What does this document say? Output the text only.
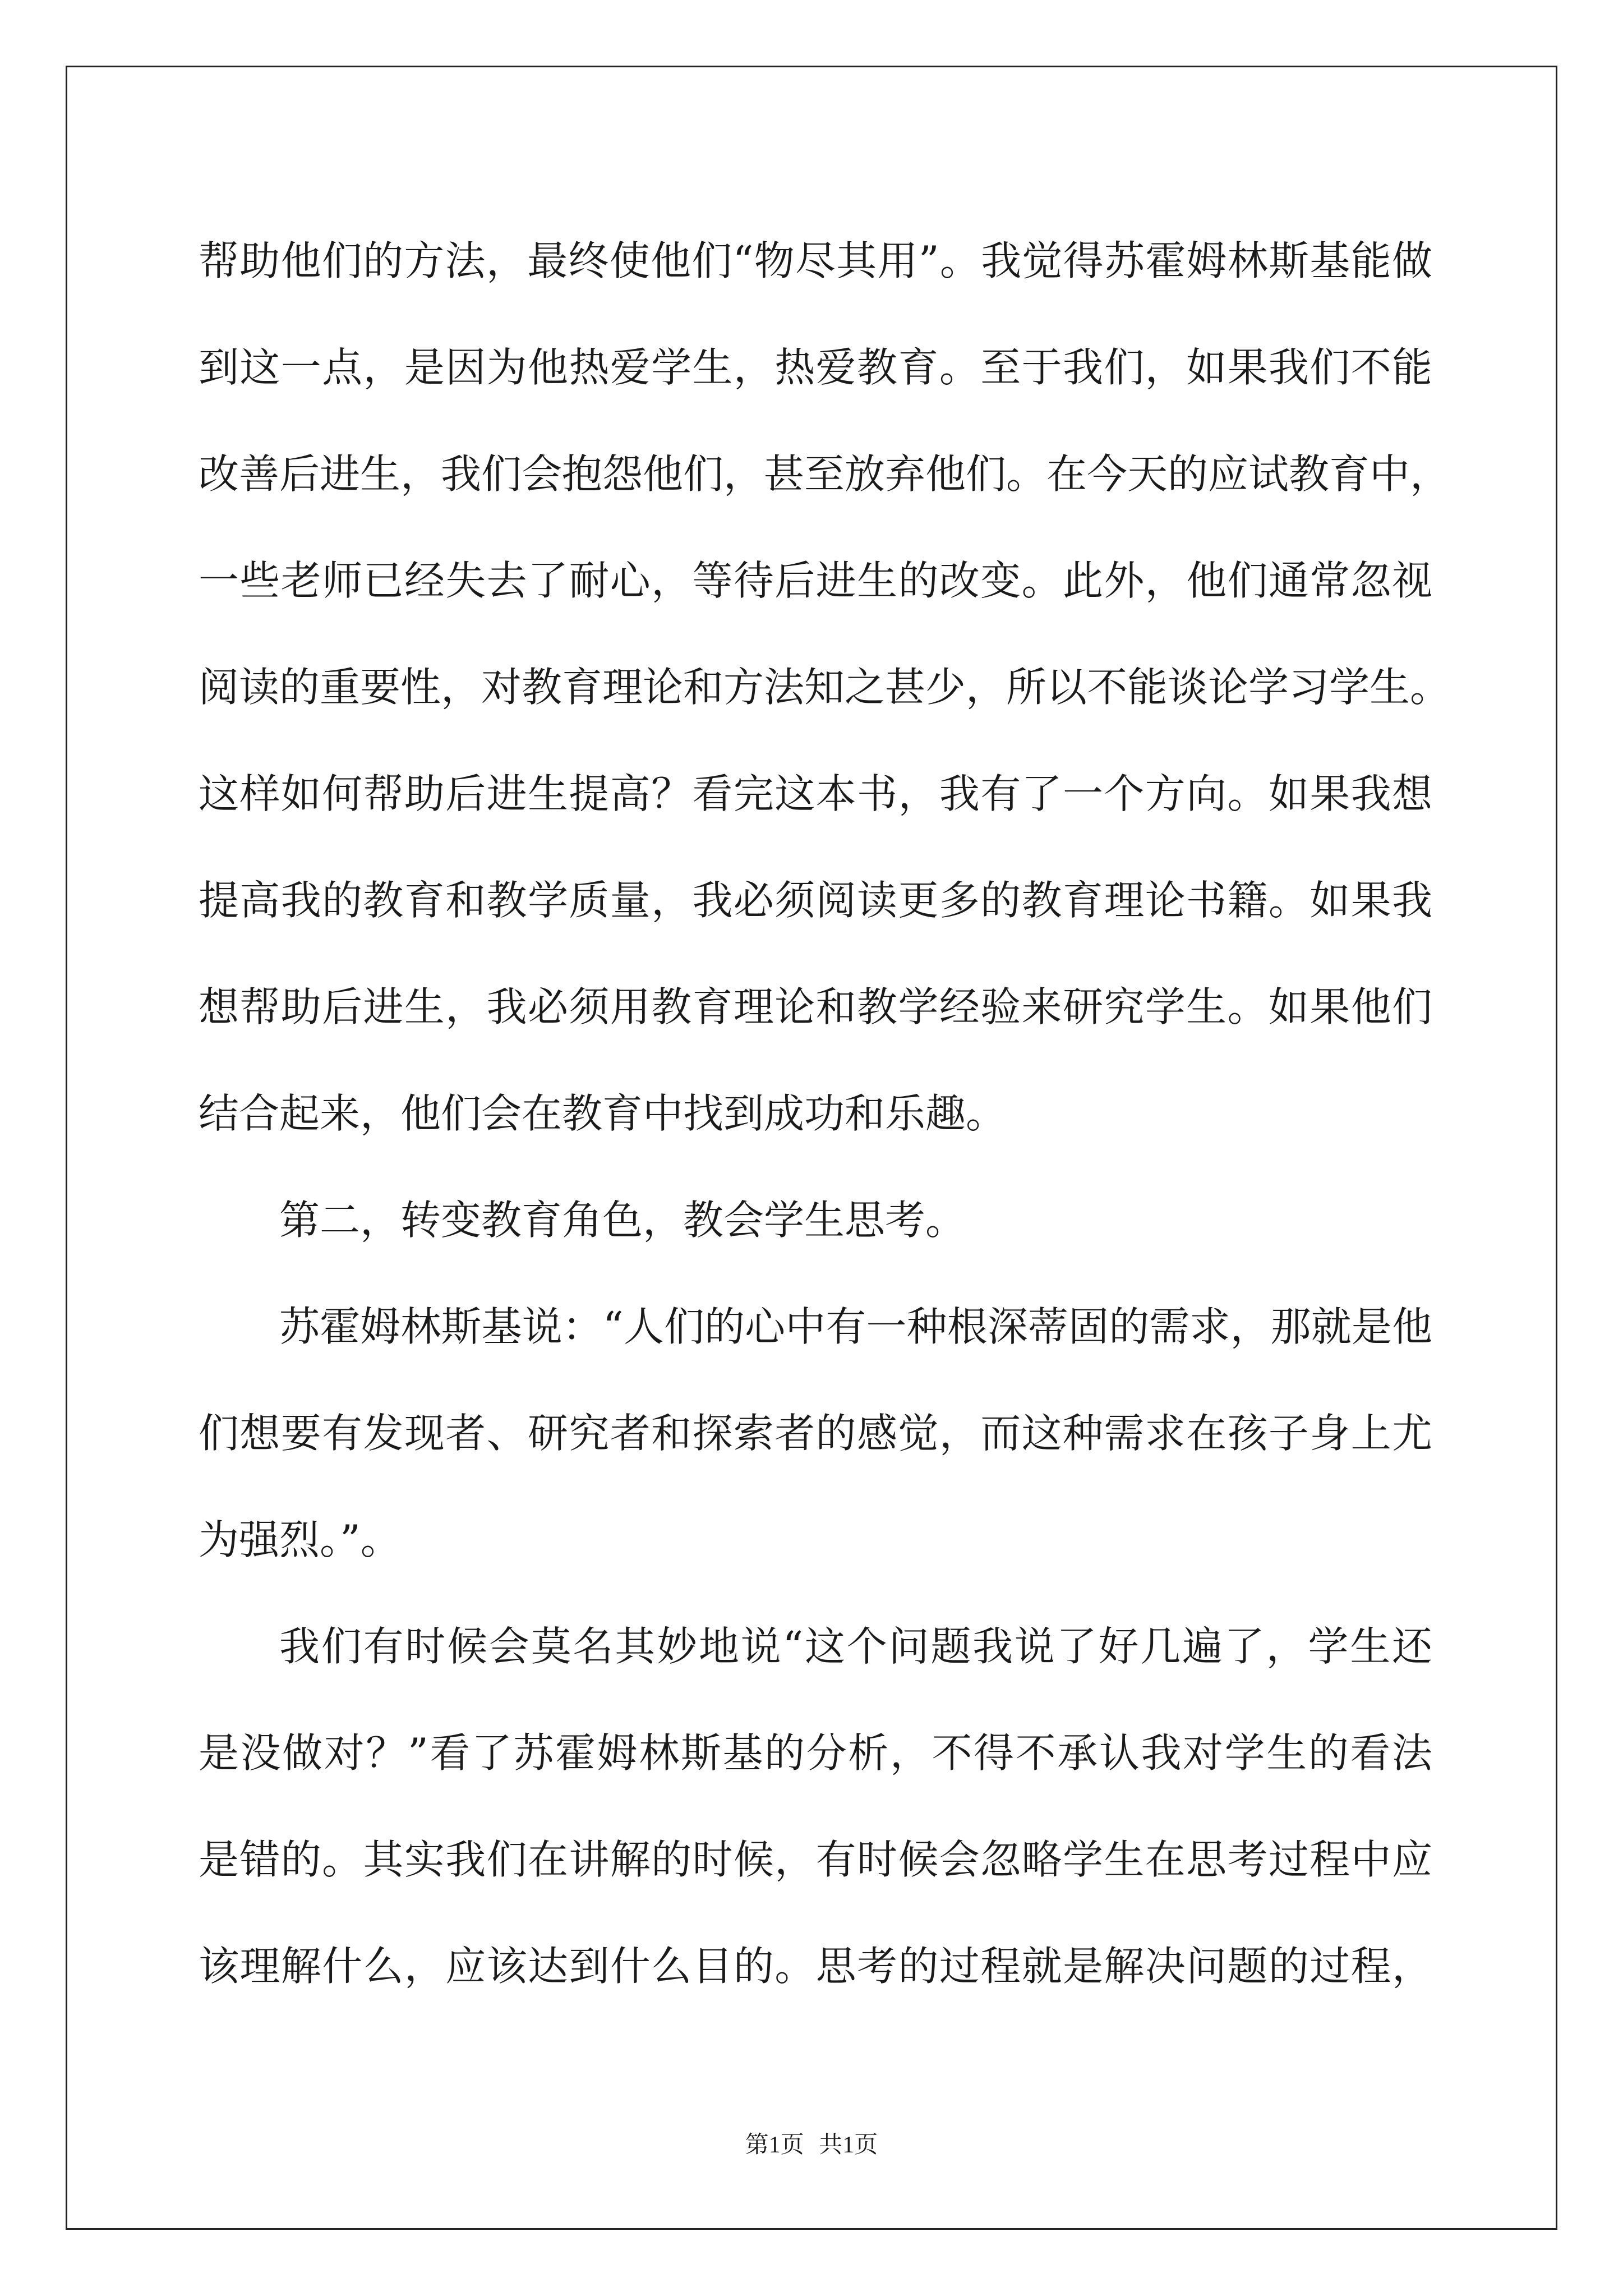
帮助他们的方法，最终使他们“物尽其用”。我觉得苏霍姆林斯基能做
到这一点，是因为他热爱学生，热爱教育。至于我们，如果我们不能
改善后进生，我们会抱怨他们，甚至放弃他们。在今天的应试教育中，
一些老师已经失去了耐心，等待后进生的改变。此外，他们通常忽视
阅读的重要性，对教育理论和方法知之甚少，所以不能谈论学习学生。
这样如何帮助后进生提高？看完这本书，我有了一个方向。如果我想
提高我的教育和教学质量，我必须阅读更多的教育理论书籍。如果我
想帮助后进生，我必须用教育理论和教学经验来研究学生。如果他们
结合起来，他们会在教育中找到成功和乐趣。
第二，转变教育角色，教会学生思考。
苏霍姆林斯基说：“人们的心中有一种根深蒂固的需求，那就是他
们想要有发现者、研究者和探索者的感觉，而这种需求在孩子身上尤
为强烈。”。
我们有时候会莫名其妙地说“这个问题我说了好几遍了，学生还
是没做对？”看了苏霍姆林斯基的分析，不得不承认我对学生的看法
是错的。其实我们在讲解的时候，有时候会忽略学生在思考过程中应
该理解什么，应该达到什么目的。思考的过程就是解决问题的过程，
第1页 共1页
